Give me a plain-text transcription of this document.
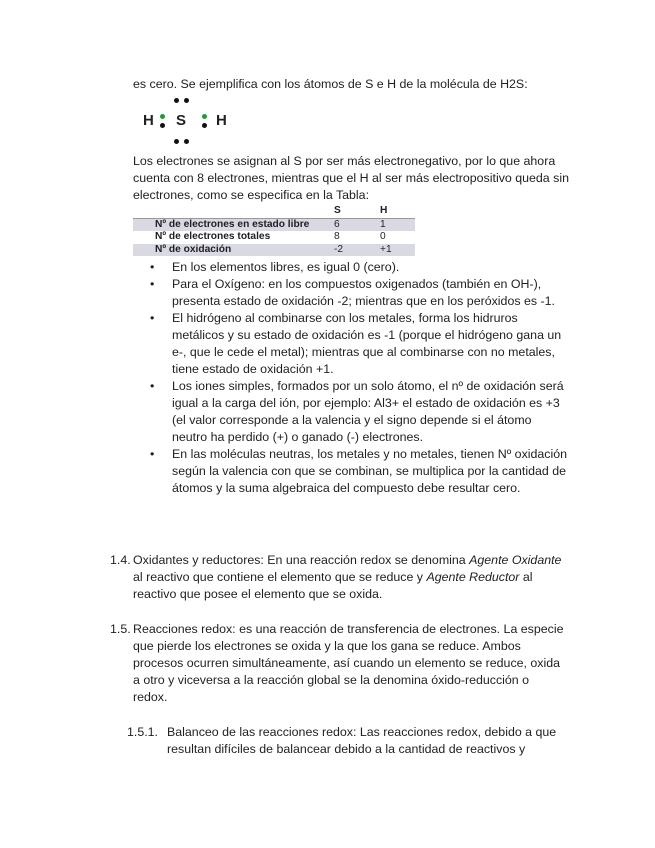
es cero. Se ejemplifica con los átomos de S e H de la molécula de H2S:
H S H
Los electrones se asignan al S por ser más electronegativo, por lo que ahora cuenta con 8 electrones, mientras que el H al ser más electropositivo queda sin electrones, como se especifica en la Tabla:
	S	H
Nº de electrones en estado libre	6	1
Nº de electrones totales	8	0
Nº de oxidación	-2	+1
• En los elementos libres, es igual 0 (cero).
• Para el Oxígeno: en los compuestos oxigenados (también en OH-), presenta estado de oxidación -2; mientras que en los peróxidos es -1.
• El hidrógeno al combinarse con los metales, forma los hidruros metálicos y su estado de oxidación es -1 (porque el hidrógeno gana un e-, que le cede el metal); mientras que al combinarse con no metales, tiene estado de oxidación +1.
• Los iones simples, formados por un solo átomo, el nº de oxidación será igual a la carga del ión, por ejemplo: Al3+ el estado de oxidación es +3 (el valor corresponde a la valencia y el signo depende si el átomo neutro ha perdido (+) o ganado (-) electrones.
• En las moléculas neutras, los metales y no metales, tienen Nº oxidación según la valencia con que se combinan, se multiplica por la cantidad de átomos y la suma algebraica del compuesto debe resultar cero.
1.4. Oxidantes y reductores: En una reacción redox se denomina Agente Oxidante al reactivo que contiene el elemento que se reduce y Agente Reductor al reactivo que posee el elemento que se oxida.
1.5. Reacciones redox: es una reacción de transferencia de electrones. La especie que pierde los electrones se oxida y la que los gana se reduce. Ambos procesos ocurren simultáneamente, así cuando un elemento se reduce, oxida a otro y viceversa a la reacción global se la denomina óxido-reducción o redox.
1.5.1. Balanceo de las reacciones redox: Las reacciones redox, debido a que resultan difíciles de balancear debido a la cantidad de reactivos y
